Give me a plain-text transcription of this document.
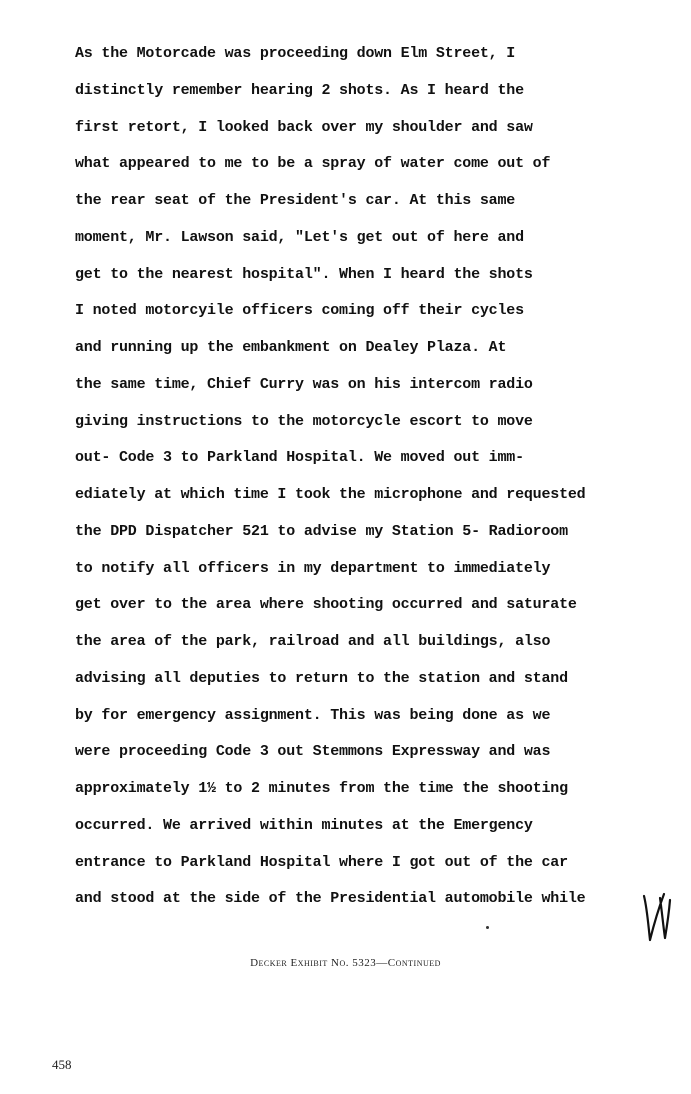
As the Motorcade was proceeding down Elm Street, I
distinctly remember hearing 2 shots. As I heard the
first retort, I looked back over my shoulder and saw
what appeared to me to be a spray of water come out of
the rear seat of the President's car. At this same
moment, Mr. Lawson said, "Let's get out of here and
get to the nearest hospital". When I heard the shots
I noted motorcyile officers coming off their cycles
and running up the embankment on Dealey Plaza. At
the same time, Chief Curry was on his intercom radio
giving instructions to the motorcycle escort to move
out- Code 3 to Parkland Hospital. We moved out imm-
ediately at which time I took the microphone and requested
the DPD Dispatcher 521 to advise my Station 5- Radioroom
to notify all officers in my department to immediately
get over to the area where shooting occurred and saturate
the area of the park, railroad and all buildings, also
advising all deputies to return to the station and stand
by for emergency assignment. This was being done as we
were proceeding Code 3 out Stemmons Expressway and was
approximately 1½ to 2 minutes from the time the shooting
occurred. We arrived within minutes at the Emergency
entrance to Parkland Hospital where I got out of the car
and stood at the side of the Presidential automobile while
Decker Exhibit No. 5323—Continued
458
